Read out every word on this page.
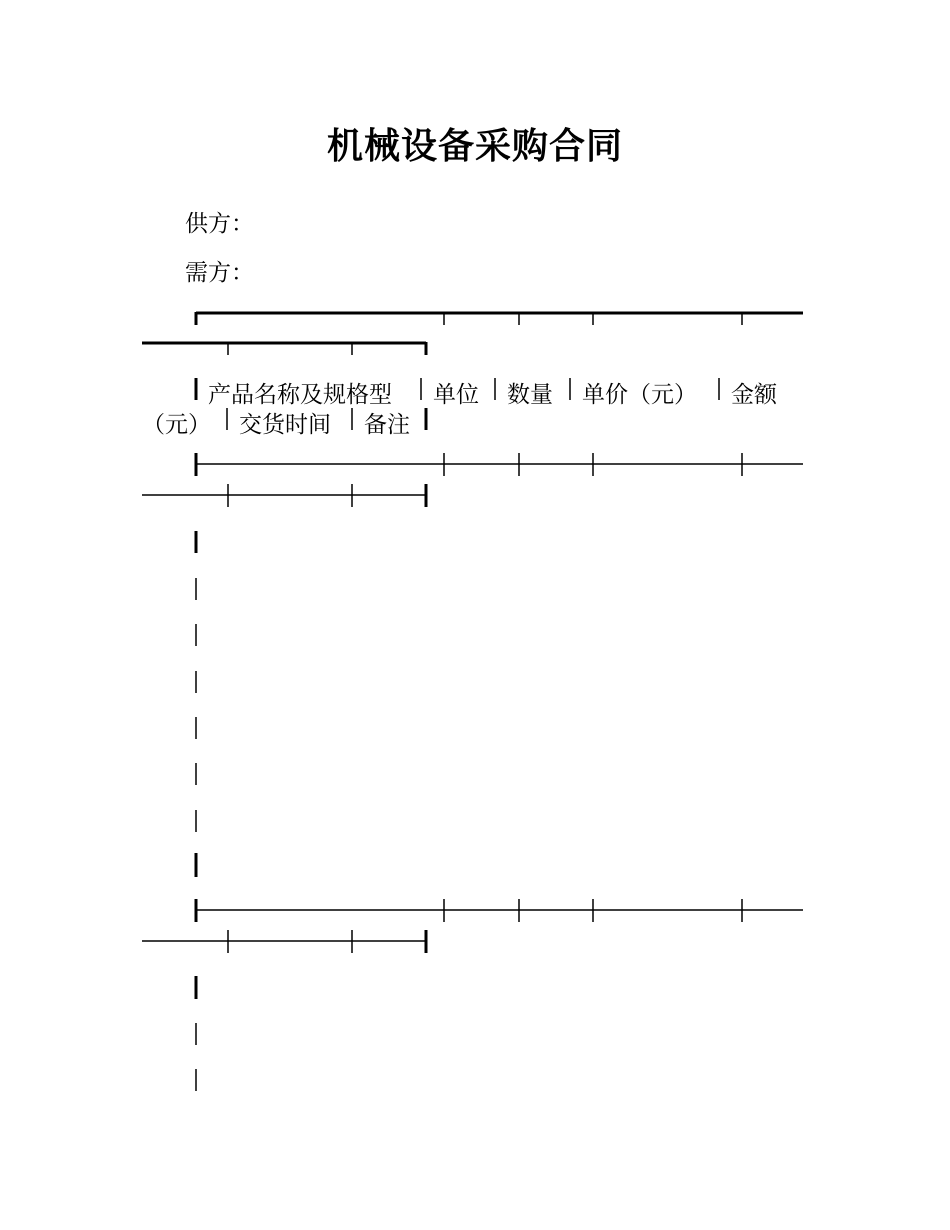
机械设备采购合同
供方：
需方：
产品名称及规格型 单位 数量 单价（元） 金额
（元） 交货时间 备注
